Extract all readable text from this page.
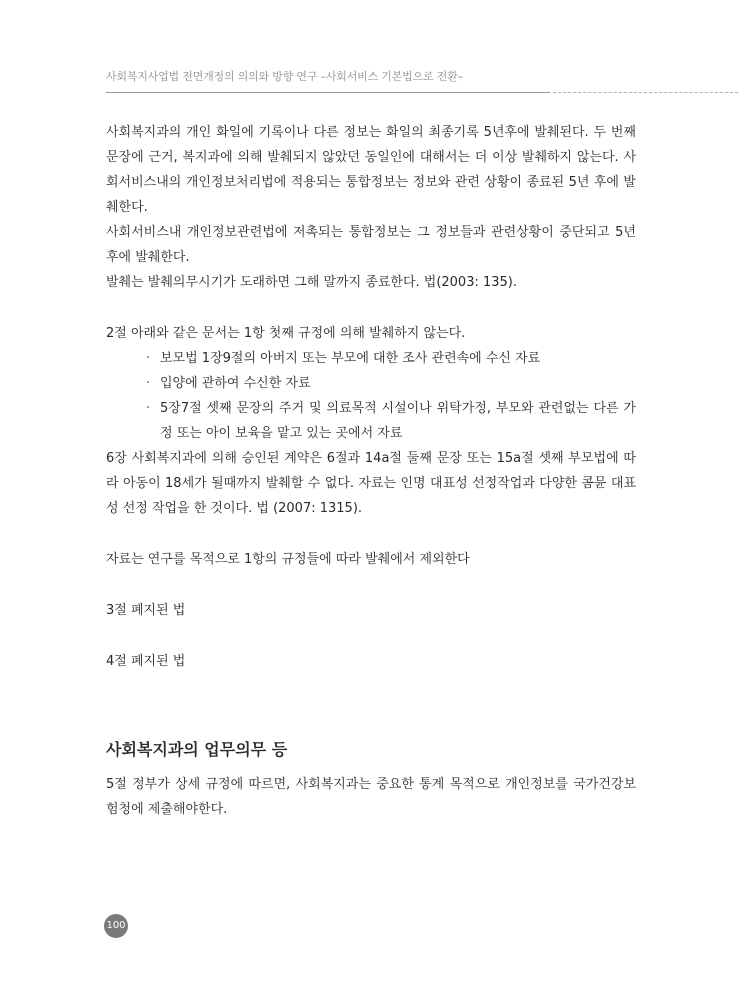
사회복지사업법 전면개정의 의의와 방향 연구 –사회서비스 기본법으로 전환–

사회복지과의 개인 화일에 기록이나 다른 정보는 화일의 최종기록 5년후에 발췌된다. 두 번째 문장에 근거, 복지과에 의해 발췌되지 않았던 동일인에 대해서는 더 이상 발췌하지 않는다. 사회서비스내의 개인정보처리법에 적용되는 통합정보는 정보와 관련 상황이 종료된 5년 후에 발췌한다.

사회서비스내 개인정보관련법에 저촉되는 통합정보는 그 정보들과 관련상황이 중단되고 5년 후에 발췌한다.

발췌는 발췌의무시기가 도래하면 그해 말까지 종료한다. 법(2003: 135).

2절 아래와 같은 문서는 1항 첫째 규정에 의해 발췌하지 않는다.

· 보모법 1장9절의 아버지 또는 부모에 대한 조사 관련속에 수신 자료
· 입양에 관하여 수신한 자료
· 5장7절 셋째 문장의 주거 및 의료목적 시설이나 위탁가정, 부모와 관련없는 다른 가정 또는 아이 보육을 맡고 있는 곳에서 자료

6장 사회복지과에 의해 승인된 계약은 6절과 14a절 둘째 문장 또는 15a절 셋째 부모법에 따라 아동이 18세가 될때까지 발췌할 수 없다. 자료는 인명 대표성 선정작업과 다양한 콤뮨 대표성 선정 작업을 한 것이다. 법 (2007: 1315).

자료는 연구를 목적으로 1항의 규정들에 따라 발췌에서 제외한다

3절 폐지된 법

4절 폐지된 법

사회복지과의 업무의무 등

5절 정부가 상세 규정에 따르면, 사회복지과는 중요한 통계 목적으로 개인정보를 국가건강보험청에 제출해야한다.

100
